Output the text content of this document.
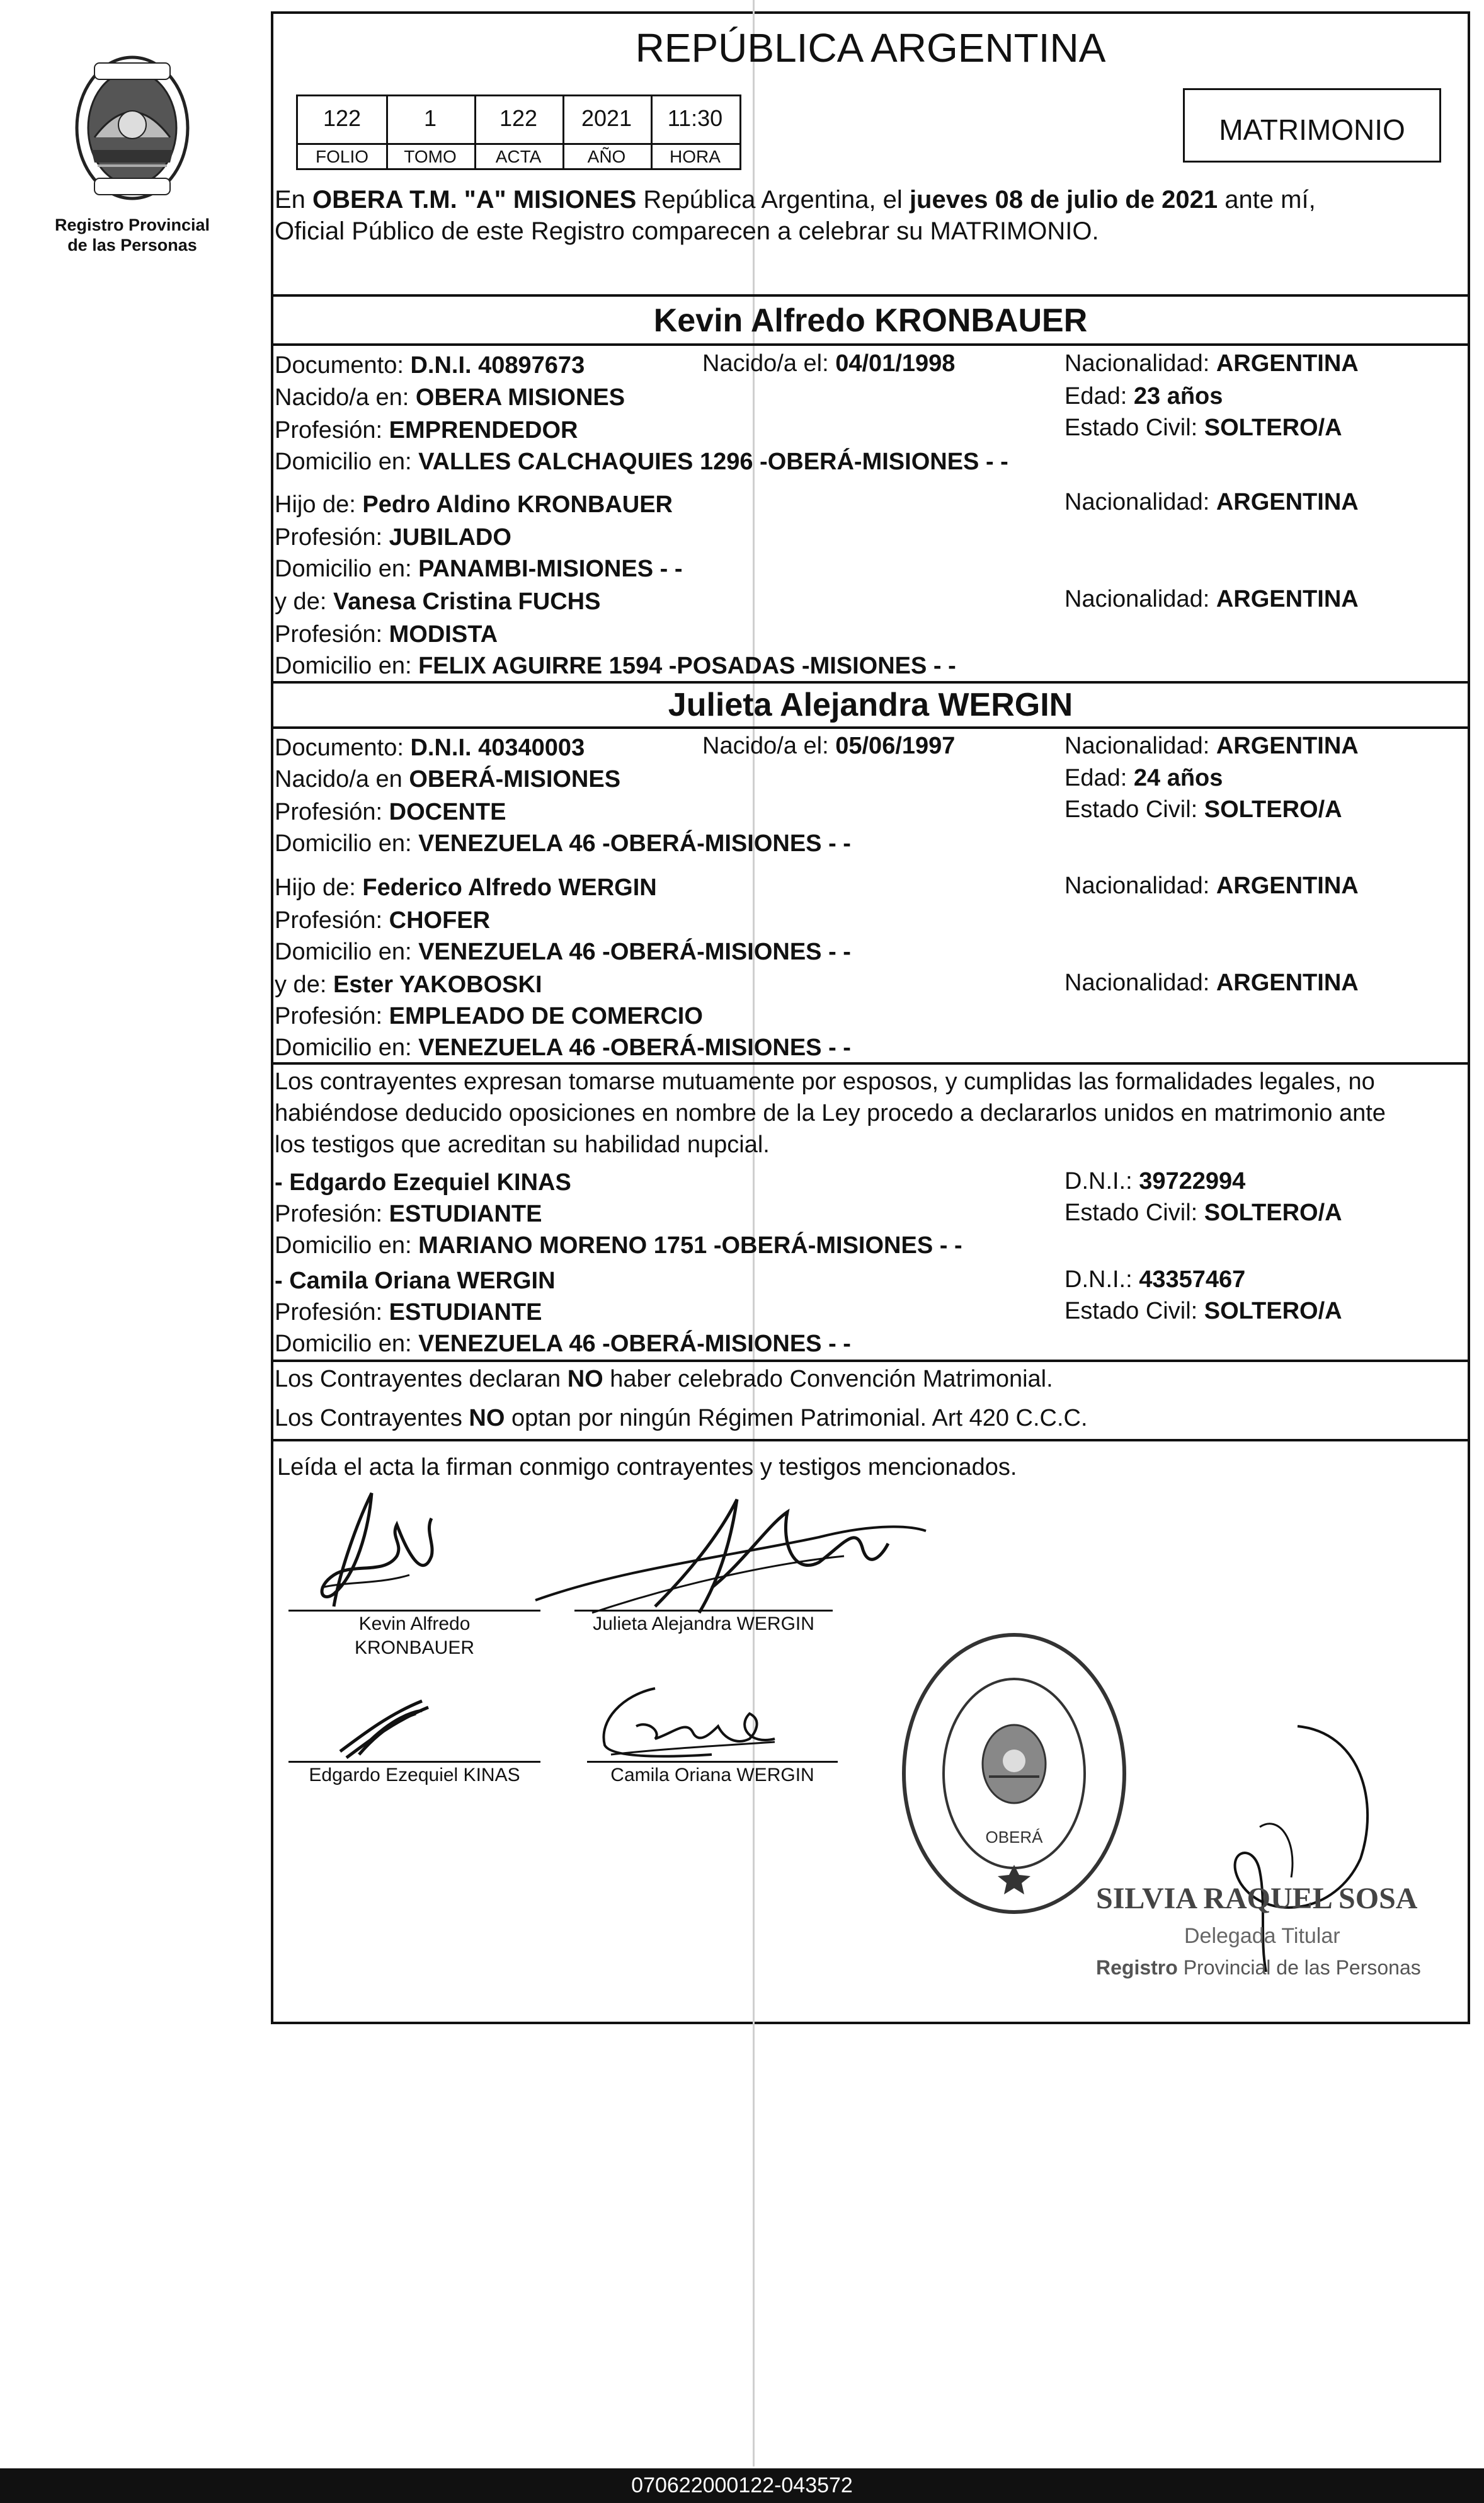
Registro Provincial
de las Personas
REPÚBLICA ARGENTINA
122	1	122	2021	11:30
FOLIO	TOMO	ACTA	AÑO	HORA
MATRIMONIO
En OBERA T.M. "A" MISIONES República Argentina, el jueves 08 de julio de 2021 ante mí,
Oficial Público de este Registro comparecen a celebrar su MATRIMONIO.
Kevin Alfredo KRONBAUER
Documento: D.N.I. 40897673	Nacido/a el: 04/01/1998	Nacionalidad: ARGENTINA
Nacido/a en: OBERA MISIONES	Edad: 23 años
Profesión: EMPRENDEDOR	Estado Civil: SOLTERO/A
Domicilio en: VALLES CALCHAQUIES 1296 -OBERÁ-MISIONES - -
Hijo de: Pedro Aldino KRONBAUER	Nacionalidad: ARGENTINA
Profesión: JUBILADO
Domicilio en: PANAMBI-MISIONES - -
y de: Vanesa Cristina FUCHS	Nacionalidad: ARGENTINA
Profesión: MODISTA
Domicilio en: FELIX AGUIRRE 1594 -POSADAS -MISIONES - -
Julieta Alejandra WERGIN
Documento: D.N.I. 40340003	Nacido/a el: 05/06/1997	Nacionalidad: ARGENTINA
Nacido/a en OBERÁ-MISIONES	Edad: 24 años
Profesión: DOCENTE	Estado Civil: SOLTERO/A
Domicilio en: VENEZUELA 46 -OBERÁ-MISIONES - -
Hijo de: Federico Alfredo WERGIN	Nacionalidad: ARGENTINA
Profesión: CHOFER
Domicilio en: VENEZUELA 46 -OBERÁ-MISIONES - -
y de: Ester YAKOBOSKI	Nacionalidad: ARGENTINA
Profesión: EMPLEADO DE COMERCIO
Domicilio en: VENEZUELA 46 -OBERÁ-MISIONES - -
Los contrayentes expresan tomarse mutuamente por esposos, y cumplidas las formalidades legales, no
habiéndose deducido oposiciones en nombre de la Ley procedo a declararlos unidos en matrimonio ante
los testigos que acreditan su habilidad nupcial.
- Edgardo Ezequiel KINAS	D.N.I.: 39722994
Profesión: ESTUDIANTE	Estado Civil: SOLTERO/A
Domicilio en: MARIANO MORENO 1751 -OBERÁ-MISIONES - -
- Camila Oriana WERGIN	D.N.I.: 43357467
Profesión: ESTUDIANTE	Estado Civil: SOLTERO/A
Domicilio en: VENEZUELA 46 -OBERÁ-MISIONES - -
Los Contrayentes declaran NO haber celebrado Convención Matrimonial.
Los Contrayentes NO optan por ningún Régimen Patrimonial. Art 420 C.C.C.
Leída el acta la firman conmigo contrayentes y testigos mencionados.
Kevin Alfredo
KRONBAUER
Julieta Alejandra WERGIN
Edgardo Ezequiel KINAS	Camila Oriana WERGIN
OBERÁ
SILVIA RAQUEL SOSA
Delegada Titular
Registro Provincial de las Personas
070622000122-043572
